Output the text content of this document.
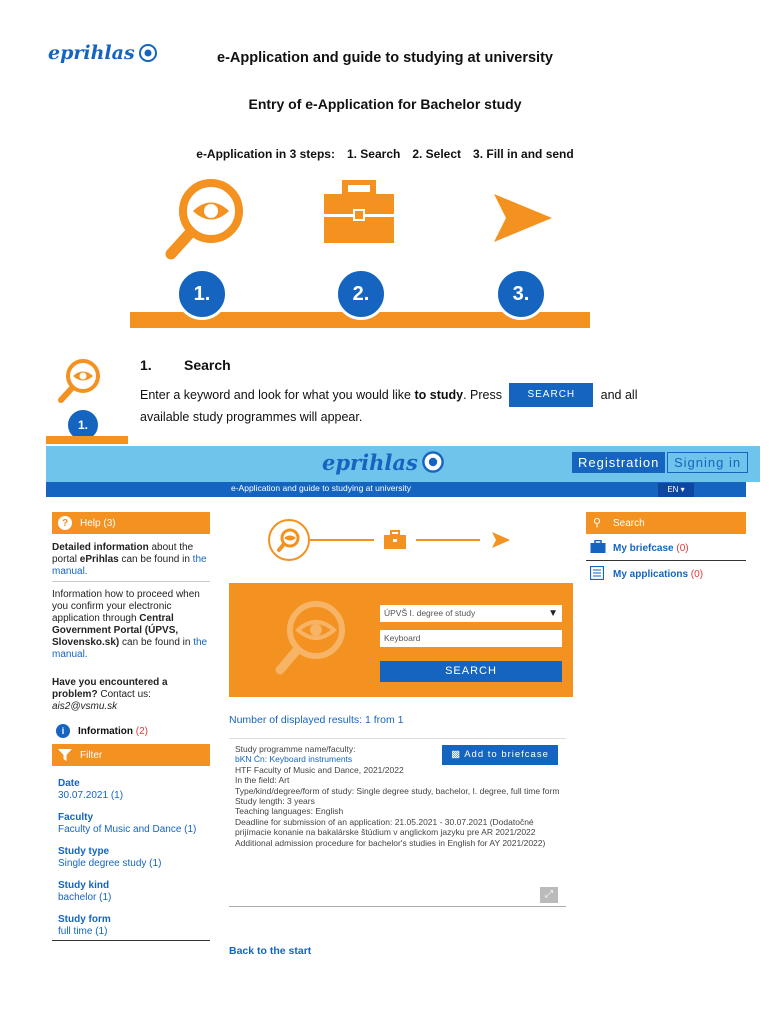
eprihlas	e-Application and guide to studying at university
Entry of e-Application for Bachelor study
e-Application in 3 steps: 1. Search 2. Select 3. Fill in and send
1.	2.	3.
1.
1. Search
Enter a keyword and look for what you would like to study. Press	SEARCH and all
available study programmes will appear.
eprihlas	Registration	Signing in
e-Application and guide to studying at university	EN ▾
?	Help
(3)
Detailed information about the portal ePrihlas can be found in the manual.
Information how to proceed when you confirm your electronic application through Central Government Portal (ÚPVS, Slovensko.sk) can be found in the manual.
Have you encountered a problem? Contact us:
ais2@vsmu.sk
i	Information (2)
Filter
Date
30.07.2021 (1)
Faculty
Faculty of Music and Dance (1)
Study type
Single degree study (1)
Study kind
bachelor (1)
Study form
full time (1)
ÚPVŠ I. degree of study	▼
Keyboard
SEARCH
Number of displayed results: 1 from 1
▩ Add to briefcase
Study programme name/faculty:
bKN Ćn: Keyboard instruments
HTF Faculty of Music and Dance, 2021/2022
In the field: Art
Type/kind/degree/form of study: Single degree study, bachelor, I. degree, full time form
Study length: 3 years
Teaching languages: English
Deadline for submission of an application: 21.05.2021 - 30.07.2021 (Dodatočné prijímacie konanie na bakalárske štúdium v anglickom jazyku pre AR 2021/2022 Additional admission procedure for bachelor's studies in English for AY 2021/2022)
⤢
⚲ Search
My briefcase (0)
My applications (0)
Back to the start
